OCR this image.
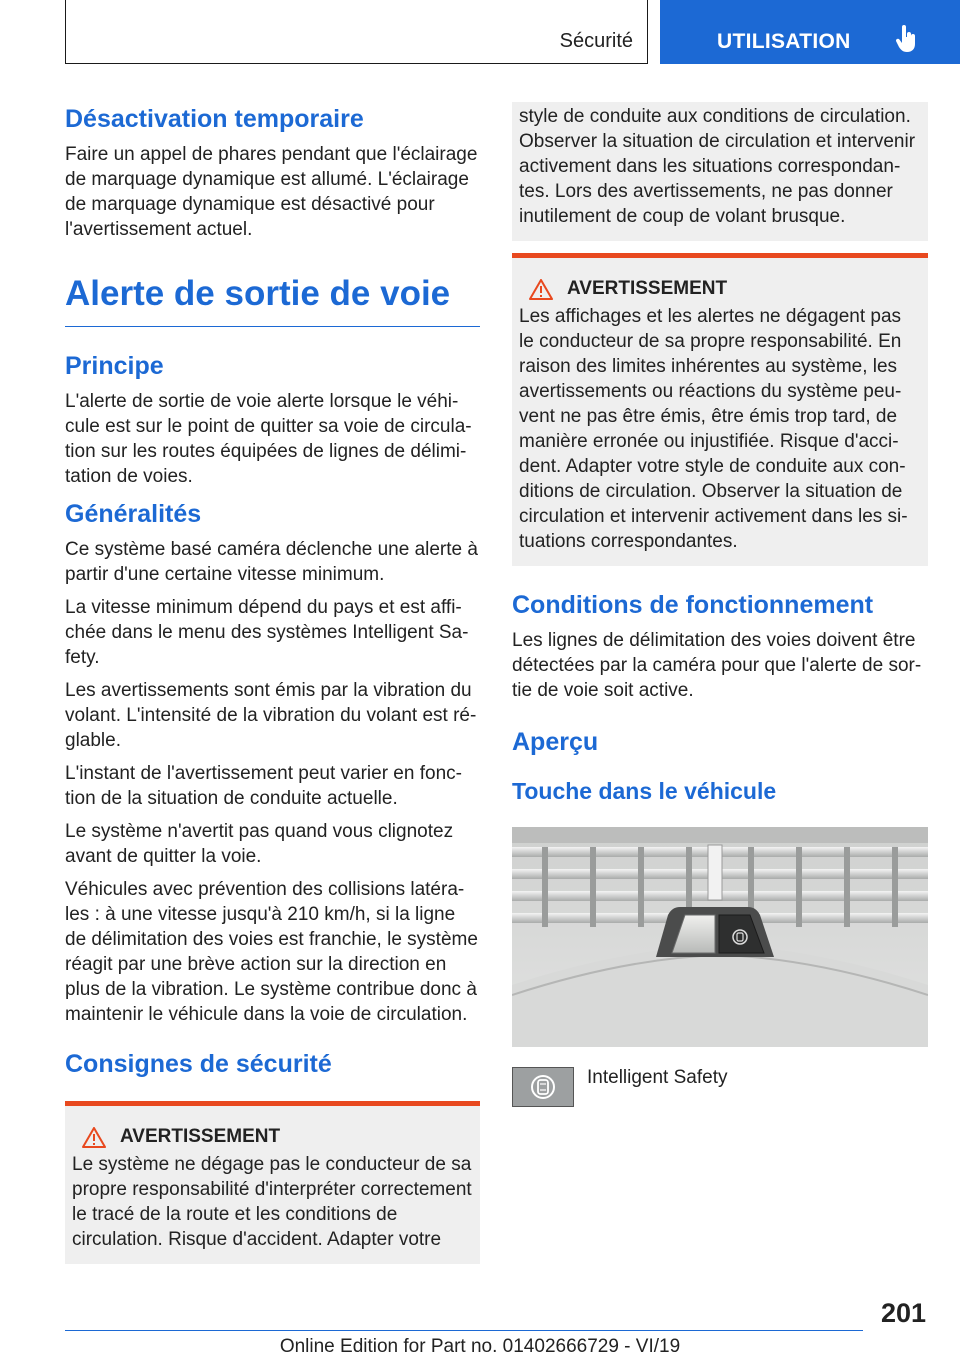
Sécurité	UTILISATION
Désactivation temporaire

Faire un appel de phares pendant que l'éclairage de marquage dynamique est allumé. L'éclairage de marquage dynamique est désactivé pour l'avertissement actuel.

Alerte de sortie de voie
Principe

L'alerte de sortie de voie alerte lorsque le véhicule est sur le point de quitter sa voie de circulation sur les routes équipées de lignes de délimitation de voies.

Généralités

Ce système basé caméra déclenche une alerte à partir d'une certaine vitesse minimum.

La vitesse minimum dépend du pays et est affichée dans le menu des systèmes Intelligent Safety.

Les avertissements sont émis par la vibration du volant. L'intensité de la vibration du volant est réglable.

L'instant de l'avertissement peut varier en fonction de la situation de conduite actuelle.

Le système n'avertit pas quand vous clignotez avant de quitter la voie.

Véhicules avec prévention des collisions latérales : à une vitesse jusqu'à 210 km/h, si la ligne de délimitation des voies est franchie, le système réagit par une brève action sur la direction en plus de la vibration. Le système contribue donc à maintenir le véhicule dans la voie de circulation.

Consignes de sécurité
AVERTISSEMENT

Le système ne dégage pas le conducteur de sa propre responsabilité d'interpréter correctement le tracé de la route et les conditions de circulation. Risque d'accident. Adapter votre

style de conduite aux conditions de circulation. Observer la situation de circulation et intervenir activement dans les situations correspondantes. Lors des avertissements, ne pas donner inutilement de coup de volant brusque.

AVERTISSEMENT

Les affichages et les alertes ne dégagent pas le conducteur de sa propre responsabilité. En raison des limites inhérentes au système, les avertissements ou réactions du système peuvent ne pas être émis, être émis trop tard, de manière erronée ou injustifiée. Risque d'accident. Adapter votre style de conduite aux conditions de circulation. Observer la situation de circulation et intervenir activement dans les situations correspondantes.

Conditions de fonctionnement

Les lignes de délimitation des voies doivent être détectées par la caméra pour que l'alerte de sortie de voie soit active.

Aperçu
Touche dans le véhicule
Intelligent Safety
201
Online Edition for Part no. 01402666729 - VI/19
